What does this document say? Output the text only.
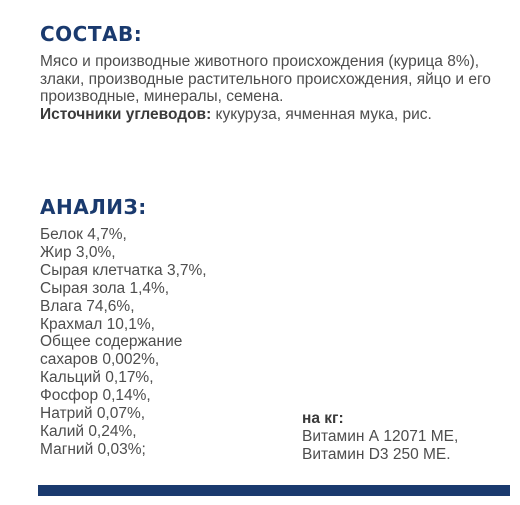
СОСТАВ:
Мясо и производные животного происхождения (курица 8%), злаки, производные растительного происхождения, яйцо и его производные, минералы, семена.
Источники углеводов: кукуруза, ячменная мука, рис.
АНАЛИЗ:
Белок 4,7%,
Жир 3,0%,
Сырая клетчатка 3,7%,
Сырая зола 1,4%,
Влага 74,6%,
Крахмал 10,1%,
Общее содержание
сахаров 0,002%,
Кальций 0,17%,
Фосфор 0,14%,
Натрий 0,07%,
Калий 0,24%,
Магний 0,03%;
на кг:
Витамин А 12071 МЕ,
Витамин D3 250 МЕ.
